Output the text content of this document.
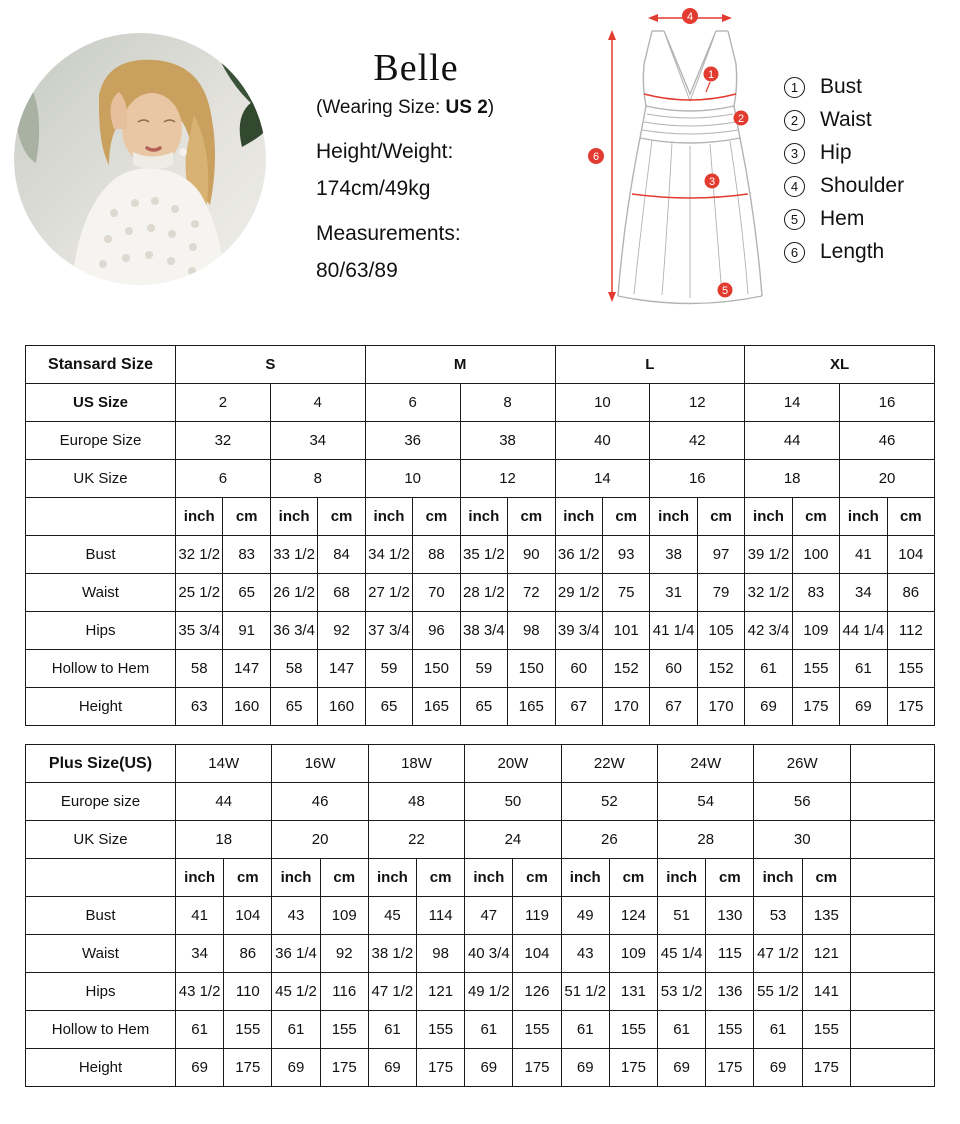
Belle
(Wearing Size: US 2)
Height/Weight:
174cm/49kg
Measurements:
80/63/89
4
1
2
3
5
6
1	Bust
2	Waist
3	Hip
4	Shoulder
5	Hem
6	Length
Stansard Size	S				M				L				XL			
US Size	2		4		6		8		10		12		14		16	
Europe Size	32		34		36		38		40		42		44		46	
UK Size	6		8		10		12		14		16		18		20	
	inch	cm	inch	cm	inch	cm	inch	cm	inch	cm	inch	cm	inch	cm	inch	cm
Bust	32 1/2	83	33 1/2	84	34 1/2	88	35 1/2	90	36 1/2	93	38	97	39 1/2	100	41	104
Waist	25 1/2	65	26 1/2	68	27 1/2	70	28 1/2	72	29 1/2	75	31	79	32 1/2	83	34	86
Hips	35 3/4	91	36 3/4	92	37 3/4	96	38 3/4	98	39 3/4	101	41 1/4	105	42 3/4	109	44 1/4	112
Hollow to Hem	58	147	58	147	59	150	59	150	60	152	60	152	61	155	61	155
Height	63	160	65	160	65	165	65	165	67	170	67	170	69	175	69	175
Plus Size(US)	14W		16W		18W		20W		22W		24W		26W		
Europe size	44		46		48		50		52		54		56		
UK Size	18		20		22		24		26		28		30		
	inch	cm	inch	cm	inch	cm	inch	cm	inch	cm	inch	cm	inch	cm	
Bust	41	104	43	109	45	114	47	119	49	124	51	130	53	135	
Waist	34	86	36 1/4	92	38 1/2	98	40 3/4	104	43	109	45 1/4	115	47 1/2	121	
Hips	43 1/2	110	45 1/2	116	47 1/2	121	49 1/2	126	51 1/2	131	53 1/2	136	55 1/2	141	
Hollow to Hem	61	155	61	155	61	155	61	155	61	155	61	155	61	155	
Height	69	175	69	175	69	175	69	175	69	175	69	175	69	175	
